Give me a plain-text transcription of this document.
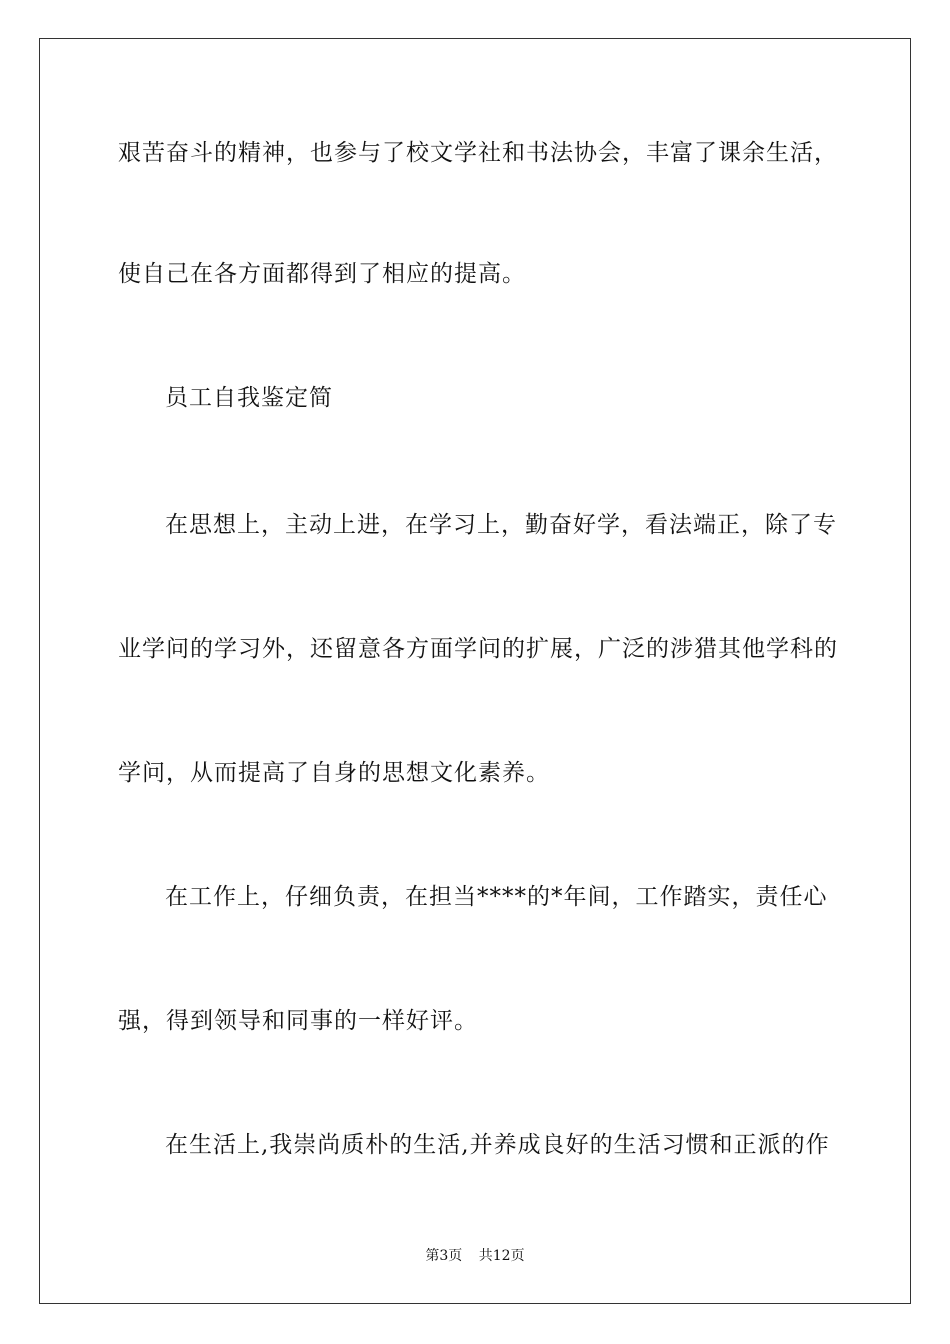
艰苦奋斗的精神，也参与了校文学社和书法协会，丰富了课余生活，
使自己在各方面都得到了相应的提高。
员工自我鉴定简
在思想上，主动上进，在学习上，勤奋好学，看法端正，除了专
业学问的学习外，还留意各方面学问的扩展，广泛的涉猎其他学科的
学问，从而提高了自身的思想文化素养。
在工作上，仔细负责，在担当****的*年间，工作踏实，责任心
强，得到领导和同事的一样好评。
在生活上,我崇尚质朴的生活,并养成良好的生活习惯和正派的作
第3页 共12页
